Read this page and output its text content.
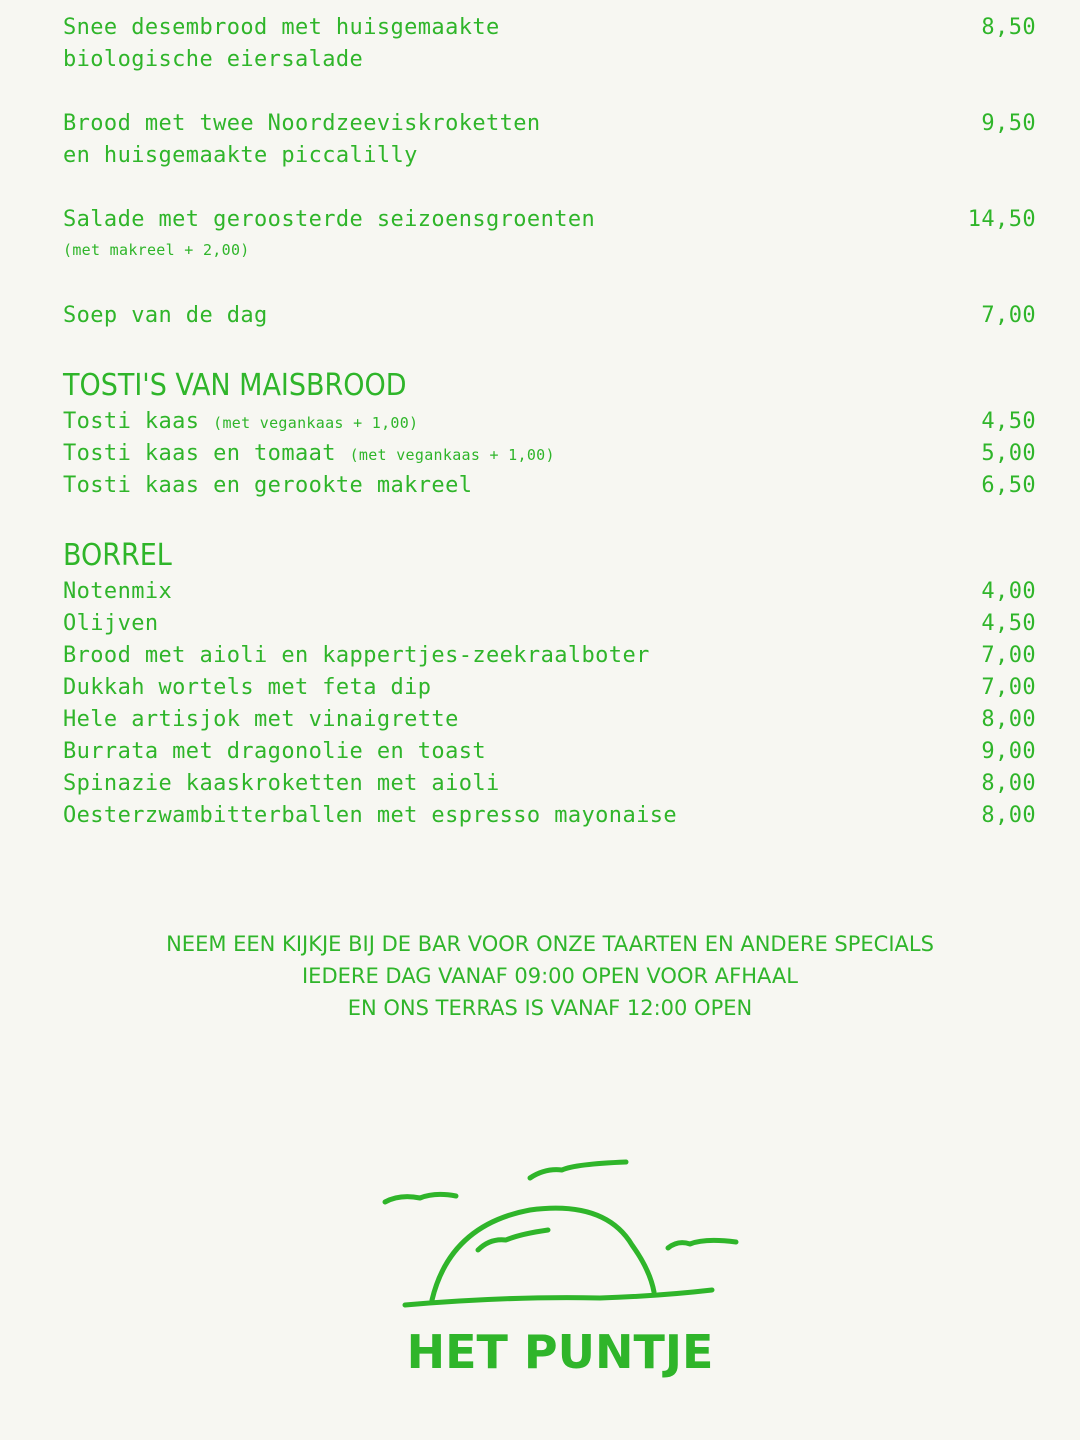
Snee desembrood met huisgemaakte
biologische eiersalade
8,50
Brood met twee Noordzeeviskroketten
en huisgemaakte piccalilly
9,50
Salade met geroosterde seizoensgroenten
(met makreel + 2,00)
14,50
Soep van de dag	7,00
TOSTI'S VAN MAISBROOD
Tosti kaas (met vegankaas + 1,00)	4,50
Tosti kaas en tomaat (met vegankaas + 1,00)	5,00
Tosti kaas en gerookte makreel	6,50
BORREL
Notenmix	4,00
Olijven	4,50
Brood met aioli en kappertjes-zeekraalboter	7,00
Dukkah wortels met feta dip	7,00
Hele artisjok met vinaigrette	8,00
Burrata met dragonolie en toast	9,00
Spinazie kaaskroketten met aioli	8,00
Oesterzwambitterballen met espresso mayonaise	8,00
NEEM EEN KIJKJE BIJ DE BAR VOOR ONZE TAARTEN EN ANDERE SPECIALS
IEDERE DAG VANAF 09:00 OPEN VOOR AFHAAL
EN ONS TERRAS IS VANAF 12:00 OPEN
HET PUNTJE
